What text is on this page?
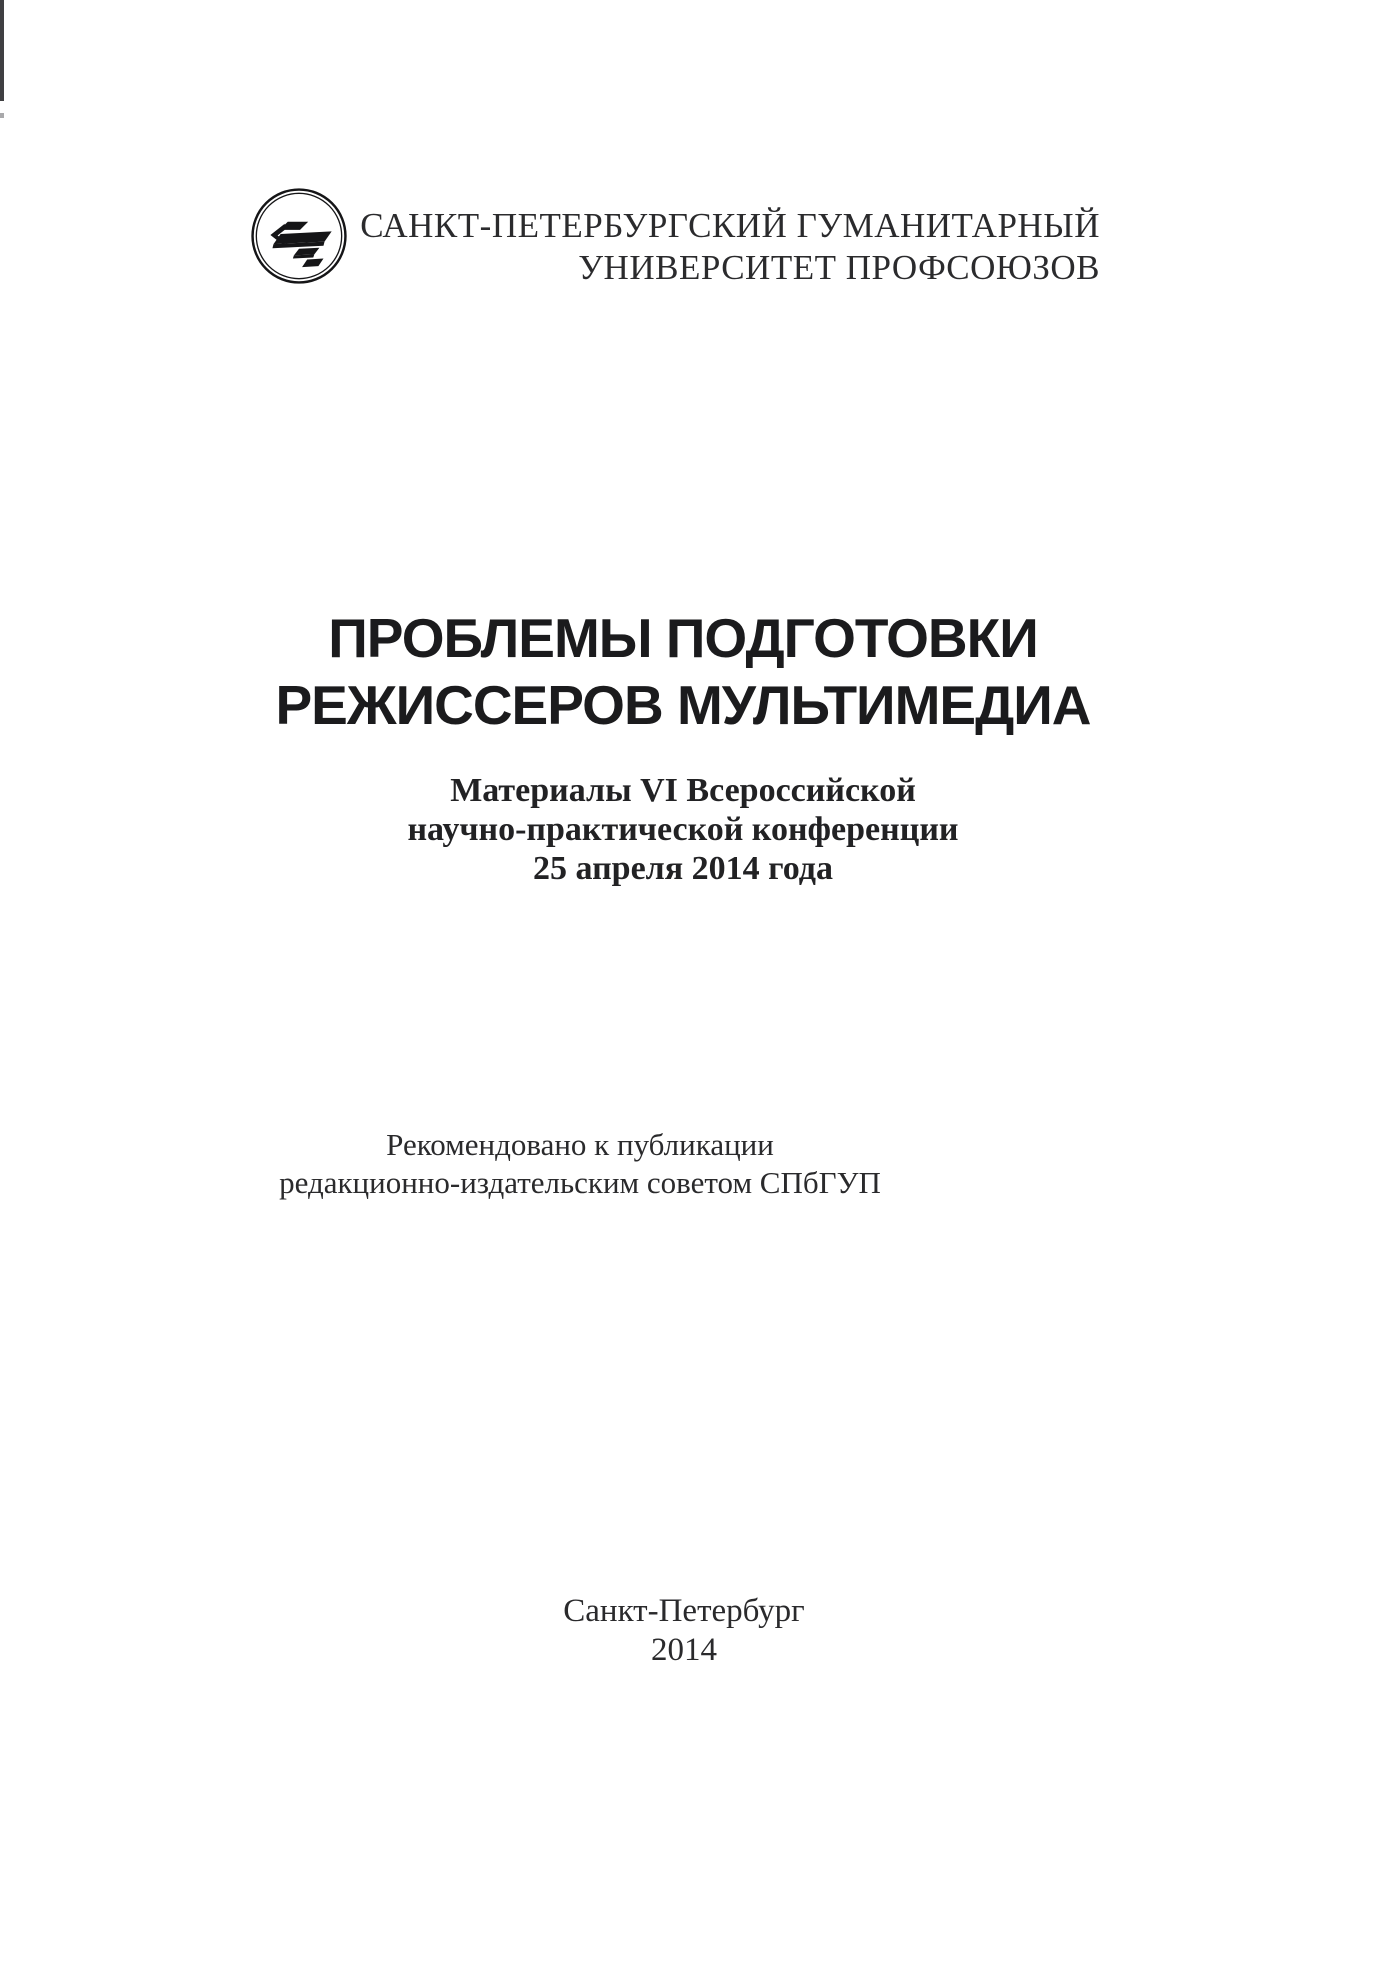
САНКТ-ПЕТЕРБУРГСКИЙ ГУМАНИТАРНЫЙ
УНИВЕРСИТЕТ ПРОФСОЮЗОВ
ПРОБЛЕМЫ ПОДГОТОВКИ
РЕЖИССЕРОВ МУЛЬТИМЕДИА
Материалы VI Всероссийской
научно-практической конференции
25 апреля 2014 года
Рекомендовано к публикации
редакционно-издательским советом СПбГУП
Санкт-Петербург
2014
